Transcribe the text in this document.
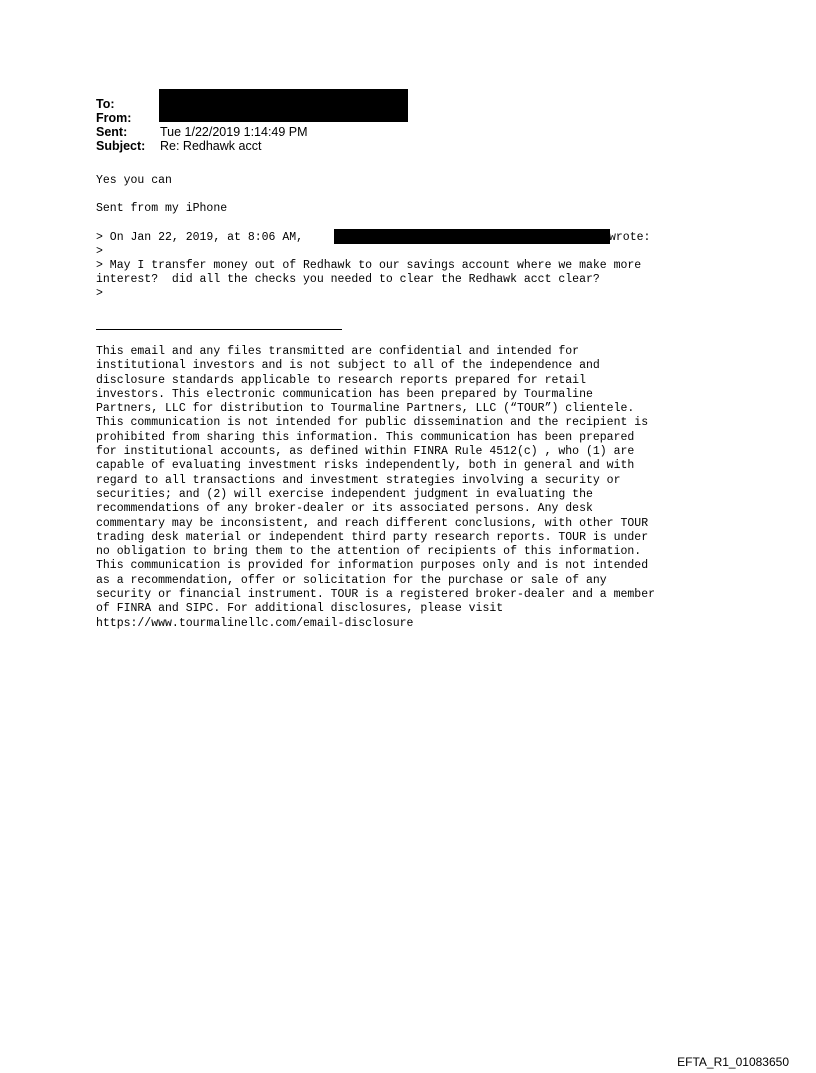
To:
From:
Sent:	Tue 1/22/2019 1:14:49 PM
Subject:	Re: Redhawk acct
Yes you can
Sent from my iPhone
> On Jan 22, 2019, at 8:06 AM,	wrote:
>
> May I transfer money out of Redhawk to our savings account where we make more
interest?  did all the checks you needed to clear the Redhawk acct clear?
>
This email and any files transmitted are confidential and intended for
institutional investors and is not subject to all of the independence and
disclosure standards applicable to research reports prepared for retail
investors. This electronic communication has been prepared by Tourmaline
Partners, LLC for distribution to Tourmaline Partners, LLC (“TOUR”) clientele.
This communication is not intended for public dissemination and the recipient is
prohibited from sharing this information. This communication has been prepared
for institutional accounts, as defined within FINRA Rule 4512(c) , who (1) are
capable of evaluating investment risks independently, both in general and with
regard to all transactions and investment strategies involving a security or
securities; and (2) will exercise independent judgment in evaluating the
recommendations of any broker-dealer or its associated persons. Any desk
commentary may be inconsistent, and reach different conclusions, with other TOUR
trading desk material or independent third party research reports. TOUR is under
no obligation to bring them to the attention of recipients of this information.
This communication is provided for information purposes only and is not intended
as a recommendation, offer or solicitation for the purchase or sale of any
security or financial instrument. TOUR is a registered broker-dealer and a member
of FINRA and SIPC. For additional disclosures, please visit
https://www.tourmalinellc.com/email-disclosure
EFTA_R1_01083650
